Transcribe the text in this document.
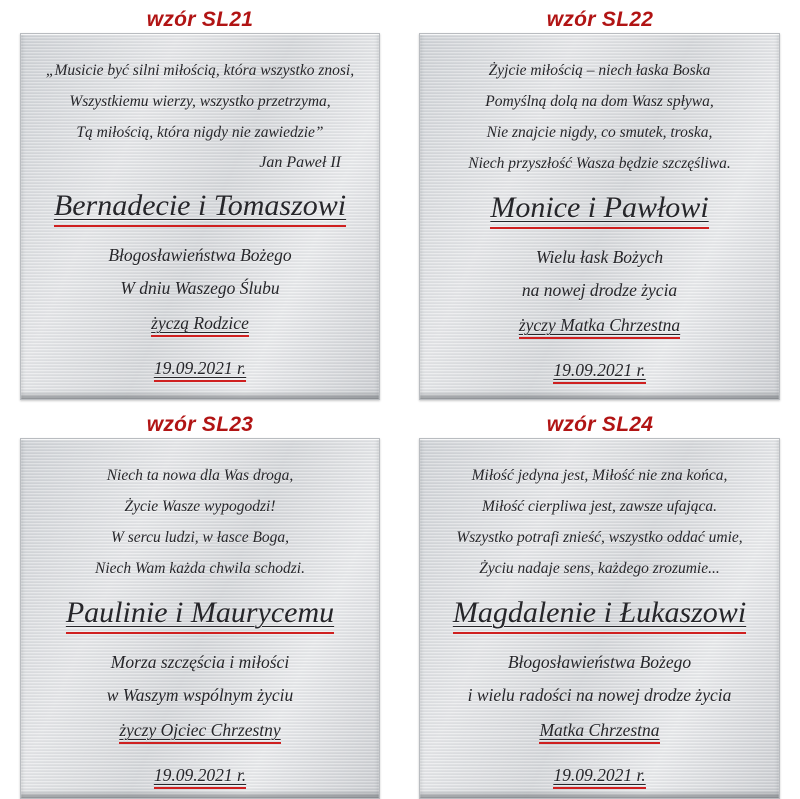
wzór SL21
„Musicie być silni miłością, która wszystko znosi,
Wszystkiemu wierzy, wszystko przetrzyma,
Tą miłością, która nigdy nie zawiedzie”
Jan Paweł II
Bernadecie i Tomaszowi
Błogosławieństwa Bożego
W dniu Waszego Ślubu
życzą Rodzice
19.09.2021 r.
wzór SL22
Żyjcie miłością – niech łaska Boska
Pomyślną dolą na dom Wasz spływa,
Nie znajcie nigdy, co smutek, troska,
Niech przyszłość Wasza będzie szczęśliwa.
Monice i Pawłowi
Wielu łask Bożych
na nowej drodze życia
życzy Matka Chrzestna
19.09.2021 r.
wzór SL23
Niech ta nowa dla Was droga,
Życie Wasze wypogodzi!
W sercu ludzi, w łasce Boga,
Niech Wam każda chwila schodzi.
Paulinie i Maurycemu
Morza szczęścia i miłości
w Waszym wspólnym życiu
życzy Ojciec Chrzestny
19.09.2021 r.
wzór SL24
Miłość jedyna jest, Miłość nie zna końca,
Miłość cierpliwa jest, zawsze ufająca.
Wszystko potrafi znieść, wszystko oddać umie,
Życiu nadaje sens, każdego zrozumie...
Magdalenie i Łukaszowi
Błogosławieństwa Bożego
i wielu radości na nowej drodze życia
Matka Chrzestna
19.09.2021 r.
